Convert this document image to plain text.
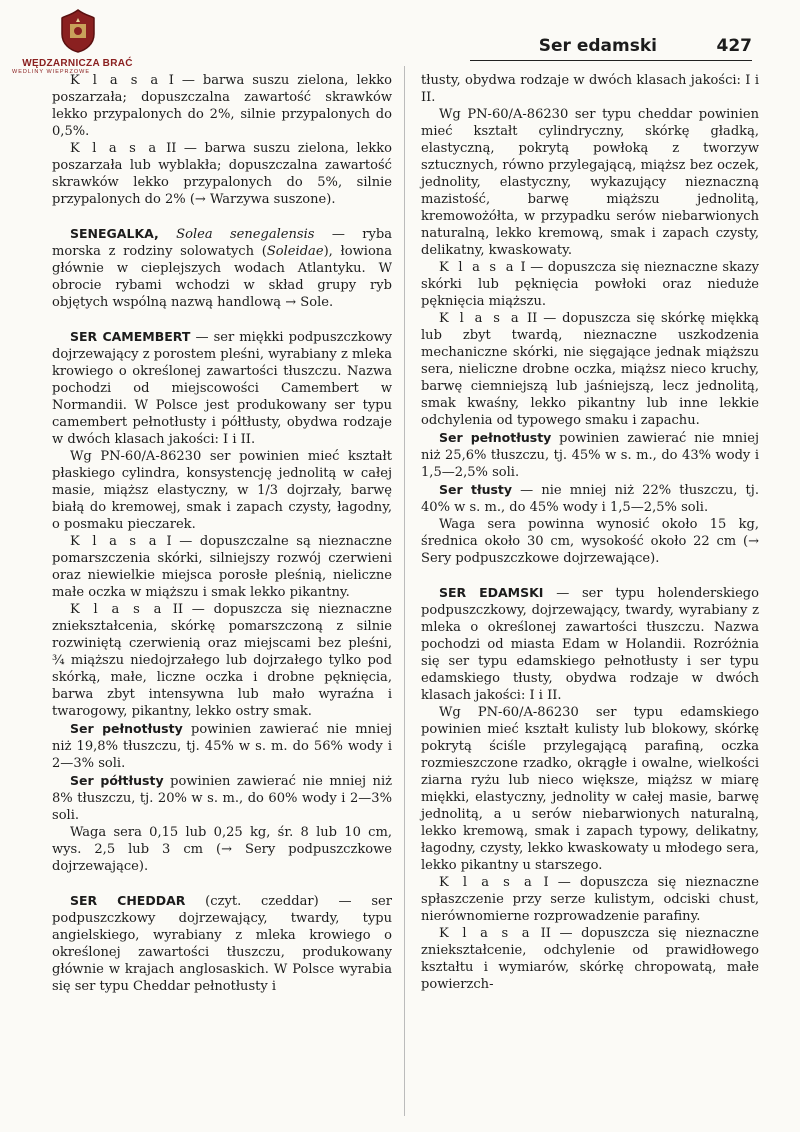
WĘDZARNICZA BRAĆ
WEDLINY WIEPRZOWE
Ser edamski	427

K l a s a I — barwa suszu zielona, lekko poszarzała; dopuszczalna zawartość skrawków lekko przypalonych do 2%, silnie przypalonych do 0,5%.

K l a s a II — barwa suszu zielona, lekko poszarzała lub wyblakła; dopuszczalna zawartość skrawków lekko przypalonych do 5%, silnie przypalonych do 2% (→ Warzywa suszone).

SENEGALKA, Solea senegalensis — ryba morska z rodziny solowatych (Soleidae), łowiona głównie w cieplejszych wodach Atlantyku. W obrocie rybami wchodzi w skład grupy ryb objętych wspólną nazwą handlową → Sole.

SER CAMEMBERT — ser miękki podpuszczkowy dojrzewający z porostem pleśni, wyrabiany z mleka krowiego o określonej zawartości tłuszczu. Nazwa pochodzi od miejscowości Camembert w Normandii. W Polsce jest produkowany ser typu camembert pełnotłusty i półtłusty, obydwa rodzaje w dwóch klasach jakości: I i II.

Wg PN-60/A-86230 ser powinien mieć kształt płaskiego cylindra, konsystencję jednolitą w całej masie, miąższ elastyczny, w 1/3 dojrzały, barwę białą do kremowej, smak i zapach czysty, łagodny, o posmaku pieczarek.

K l a s a I — dopuszczalne są nieznaczne pomarszczenia skórki, silniejszy rozwój czerwieni oraz niewielkie miejsca porosłe pleśnią, nieliczne małe oczka w miąższu i smak lekko pikantny.

K l a s a II — dopuszcza się nieznaczne zniekształcenia, skórkę pomarszczoną z silnie rozwiniętą czerwienią oraz miejscami bez pleśni, ¾ miąższu niedojrzałego lub dojrzałego tylko pod skórką, małe, liczne oczka i drobne pęknięcia, barwa zbyt intensywna lub mało wyraźna i twarogowy, pikantny, lekko ostry smak.

Ser pełnotłusty powinien zawierać nie mniej niż 19,8% tłuszczu, tj. 45% w s. m. do 56% wody i 2—3% soli.

Ser półtłusty powinien zawierać nie mniej niż 8% tłuszczu, tj. 20% w s. m., do 60% wody i 2—3% soli.

Waga sera 0,15 lub 0,25 kg, śr. 8 lub 10 cm, wys. 2,5 lub 3 cm (→ Sery podpuszczkowe dojrzewające).

SER CHEDDAR (czyt. czeddar) — ser podpuszczkowy dojrzewający, twardy, typu angielskiego, wyrabiany z mleka krowiego o określonej zawartości tłuszczu, produkowany głównie w krajach anglosaskich. W Polsce wyrabia się ser typu Cheddar pełnotłusty i

tłusty, obydwa rodzaje w dwóch klasach jakości: I i II.

Wg PN-60/A-86230 ser typu cheddar powinien mieć kształt cylindryczny, skórkę gładką, elastyczną, pokrytą powłoką z tworzyw sztucznych, równo przylegającą, miąższ bez oczek, jednolity, elastyczny, wykazujący nieznaczną mazistość, barwę miąższu jednolitą, kremowożółta, w przypadku serów niebarwionych naturalną, lekko kremową, smak i zapach czysty, delikatny, kwaskowaty.

K l a s a I — dopuszcza się nieznaczne skazy skórki lub pęknięcia powłoki oraz nieduże pęknięcia miąższu.

K l a s a II — dopuszcza się skórkę miękką lub zbyt twardą, nieznaczne uszkodzenia mechaniczne skórki, nie sięgające jednak miąższu sera, nieliczne drobne oczka, miąższ nieco kruchy, barwę ciemniejszą lub jaśniejszą, lecz jednolitą, smak kwaśny, lekko pikantny lub inne lekkie odchylenia od typowego smaku i zapachu.

Ser pełnotłusty powinien zawierać nie mniej niż 25,6% tłuszczu, tj. 45% w s. m., do 43% wody i 1,5—2,5% soli.

Ser tłusty — nie mniej niż 22% tłuszczu, tj. 40% w s. m., do 45% wody i 1,5—2,5% soli.

Waga sera powinna wynosić około 15 kg, średnica około 30 cm, wysokość około 22 cm (→ Sery podpuszczkowe dojrzewające).

SER EDAMSKI — ser typu holenderskiego podpuszczkowy, dojrzewający, twardy, wyrabiany z mleka o określonej zawartości tłuszczu. Nazwa pochodzi od miasta Edam w Holandii. Rozróżnia się ser typu edamskiego pełnotłusty i ser typu edamskiego tłusty, obydwa rodzaje w dwóch klasach jakości: I i II.

Wg PN-60/A-86230 ser typu edamskiego powinien mieć kształt kulisty lub blokowy, skórkę pokrytą ściśle przylegającą parafiną, oczka rozmieszczone rzadko, okrągłe i owalne, wielkości ziarna ryżu lub nieco większe, miąższ w miarę miękki, elastyczny, jednolity w całej masie, barwę jednolitą, a u serów niebarwionych naturalną, lekko kremową, smak i zapach typowy, delikatny, łagodny, czysty, lekko kwaskowaty u młodego sera, lekko pikantny u starszego.

K l a s a I — dopuszcza się nieznaczne spłaszczenie przy serze kulistym, odciski chust, nierównomierne rozprowadzenie parafiny.

K l a s a II — dopuszcza się nieznaczne zniekształcenie, odchylenie od prawidłowego kształtu i wymiarów, skórkę chropowatą, małe powierzch-
